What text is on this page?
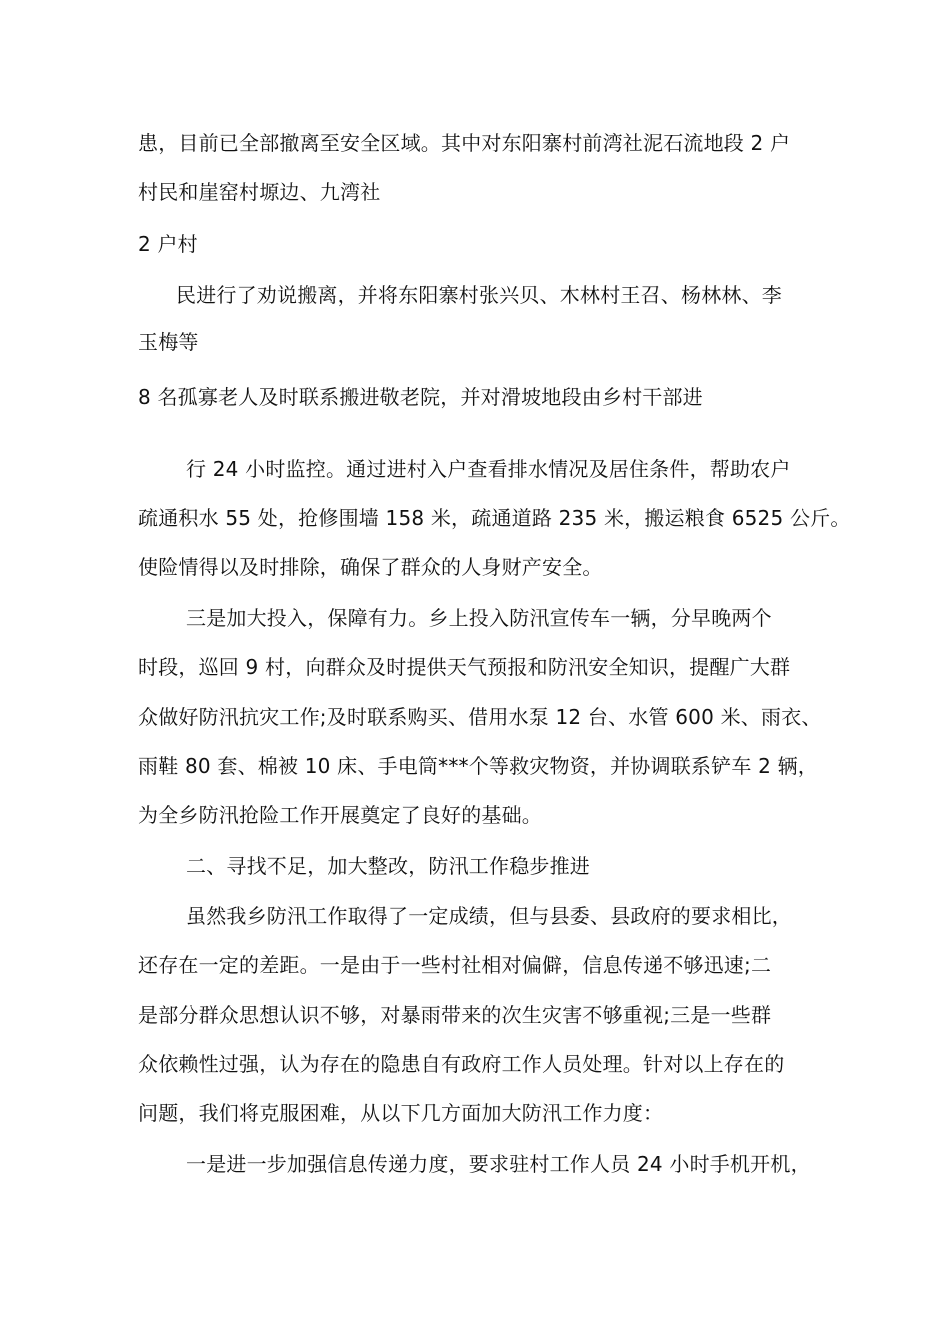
患，目前已全部撤离至安全区域。其中对东阳寨村前湾社泥石流地段 2 户
村民和崖窑村塬边、九湾社
2 户村
民进行了劝说搬离，并将东阳寨村张兴贝、木林村王召、杨林林、李
玉梅等
8 名孤寡老人及时联系搬进敬老院，并对滑坡地段由乡村干部进
行 24 小时监控。通过进村入户查看排水情况及居住条件，帮助农户
疏通积水 55 处，抢修围墙 158 米，疏通道路 235 米，搬运粮食 6525 公斤。
使险情得以及时排除，确保了群众的人身财产安全。
三是加大投入，保障有力。乡上投入防汛宣传车一辆，分早晚两个
时段，巡回 9 村，向群众及时提供天气预报和防汛安全知识，提醒广大群
众做好防汛抗灾工作;及时联系购买、借用水泵 12 台、水管 600 米、雨衣、
雨鞋 80 套、棉被 10 床、手电筒***个等救灾物资，并协调联系铲车 2 辆，
为全乡防汛抢险工作开展奠定了良好的基础。
二、寻找不足，加大整改，防汛工作稳步推进
虽然我乡防汛工作取得了一定成绩，但与县委、县政府的要求相比，
还存在一定的差距。一是由于一些村社相对偏僻，信息传递不够迅速;二
是部分群众思想认识不够，对暴雨带来的次生灾害不够重视;三是一些群
众依赖性过强，认为存在的隐患自有政府工作人员处理。针对以上存在的
问题，我们将克服困难，从以下几方面加大防汛工作力度：
一是进一步加强信息传递力度，要求驻村工作人员 24 小时手机开机，
